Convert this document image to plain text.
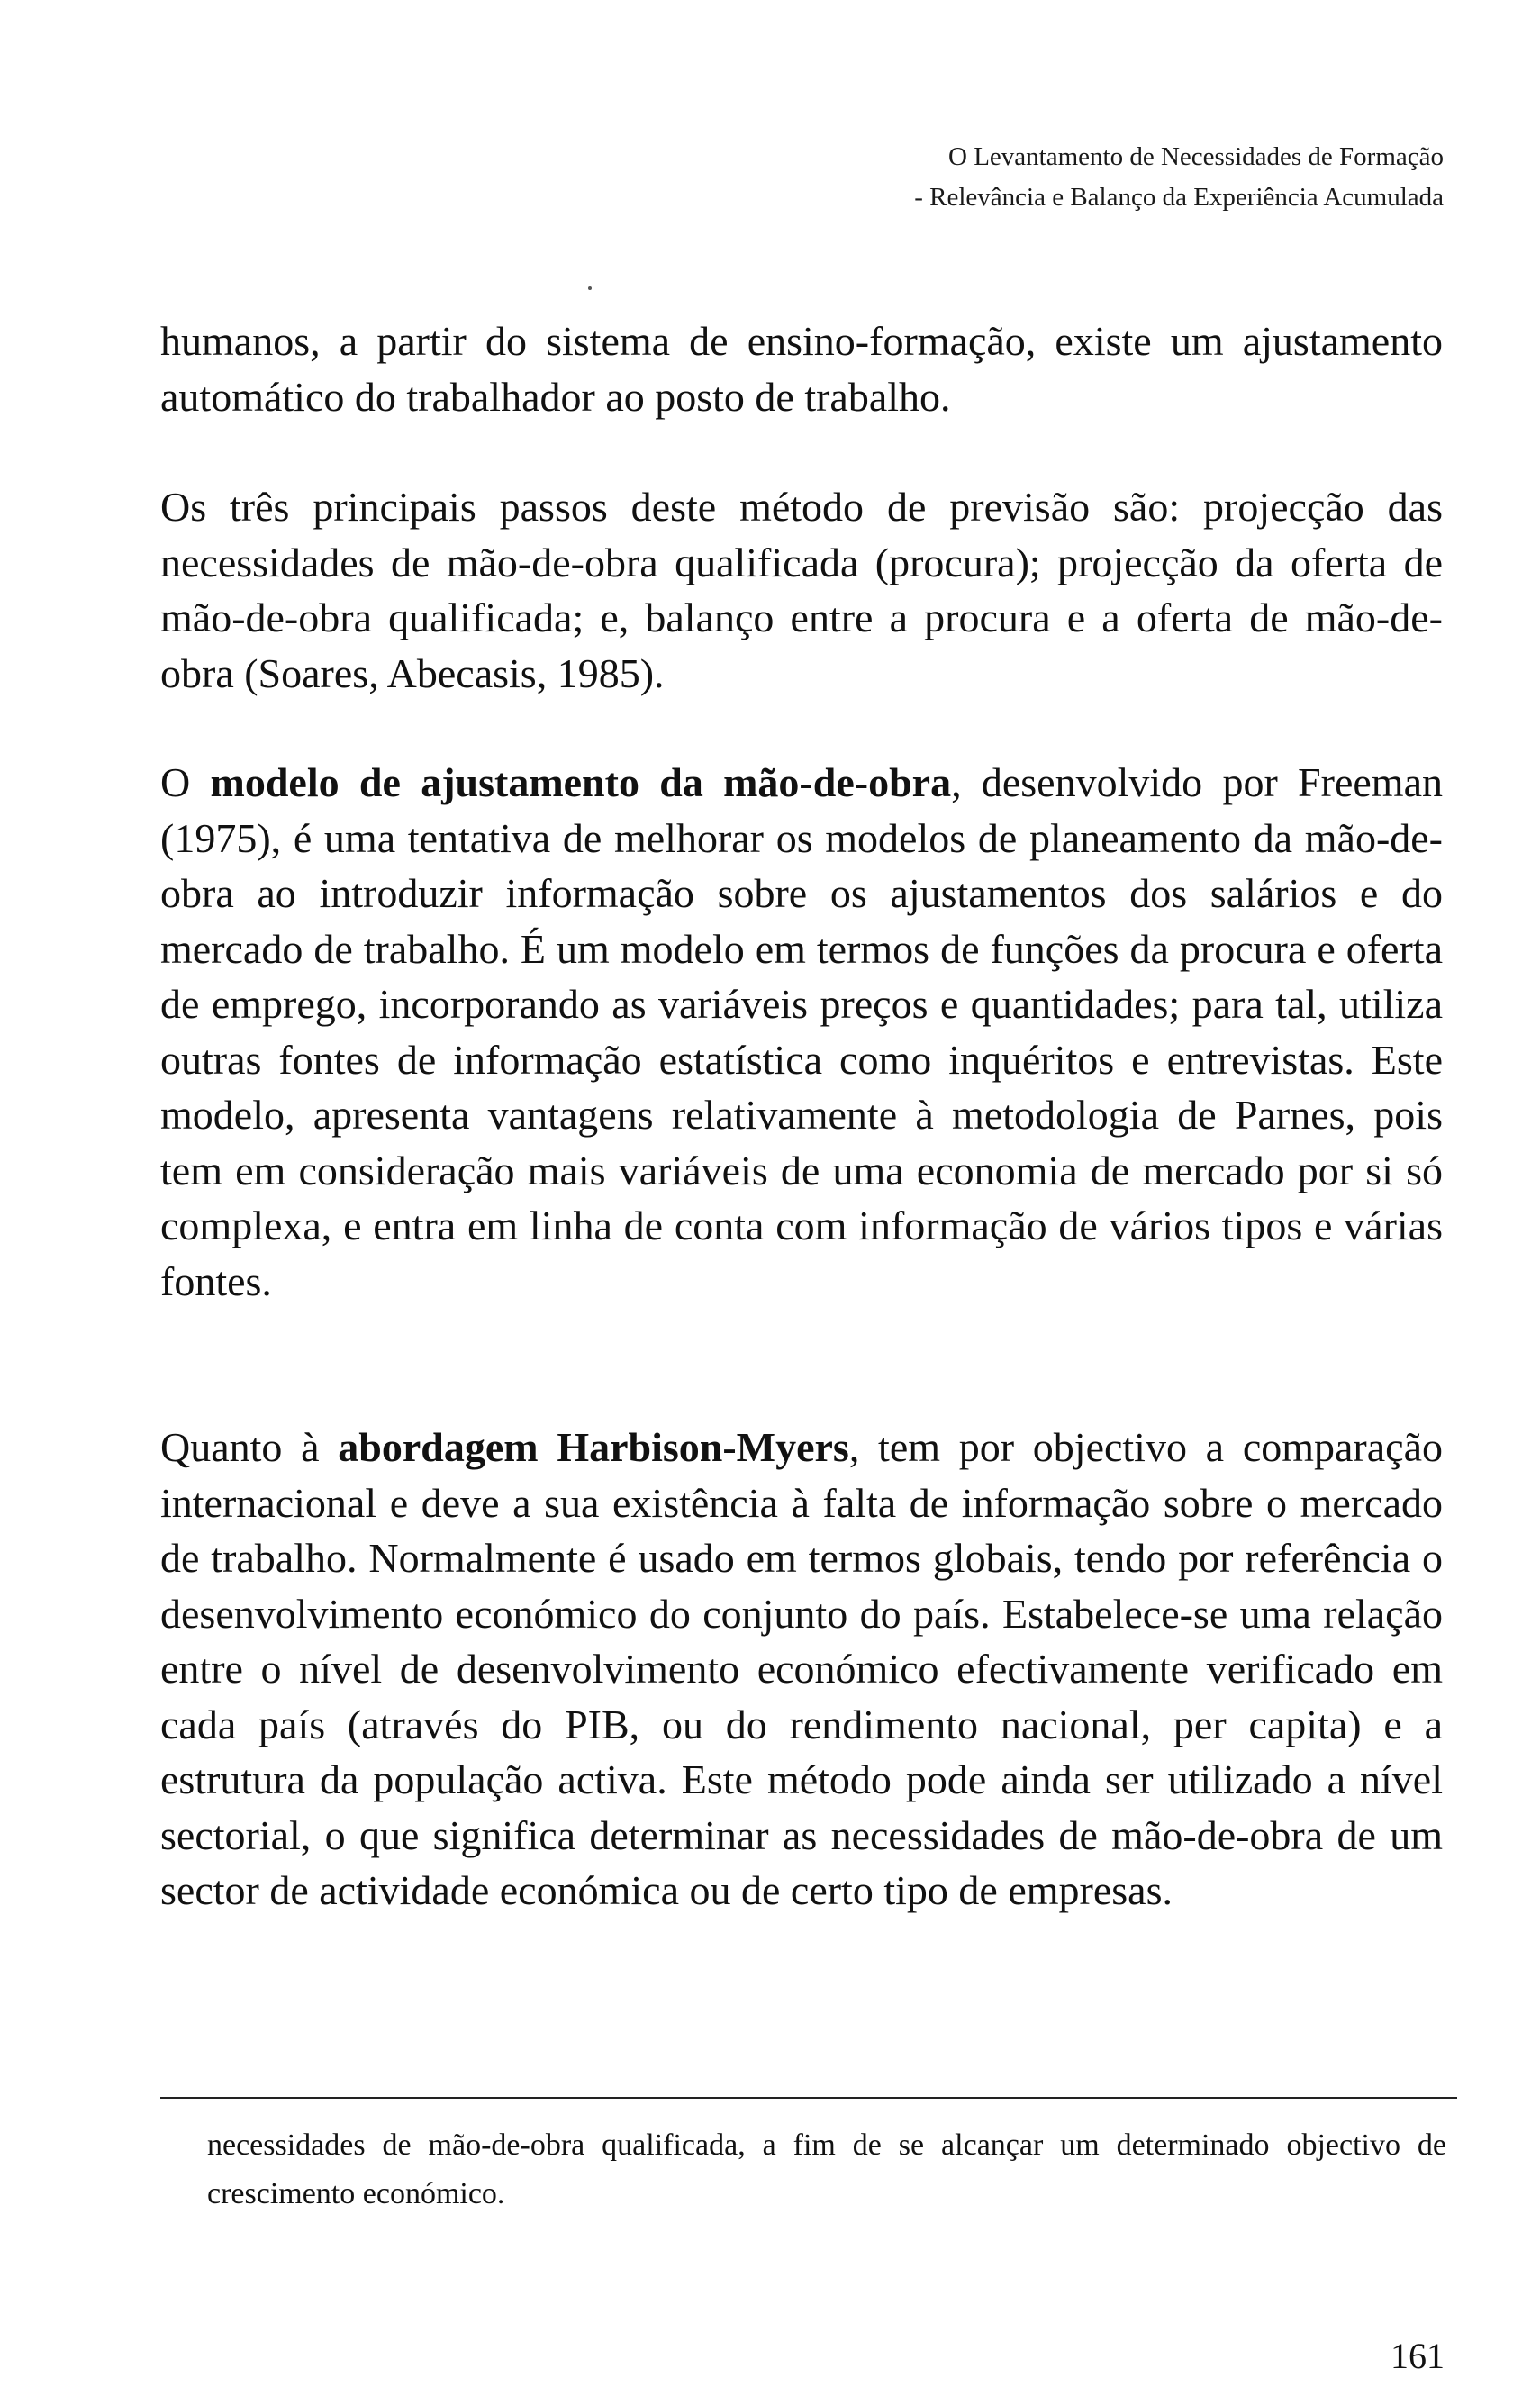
O Levantamento de Necessidades de Formação
- Relevância e Balanço da Experiência Acumulada

humanos, a partir do sistema de ensino-formação, existe um ajustamento automático do trabalhador ao posto de trabalho.

Os três principais passos deste método de previsão são: projecção das necessidades de mão-de-obra qualificada (procura); projecção da oferta de mão-de-obra qualificada; e, balanço entre a procura e a oferta de mão-de-obra (Soares, Abecasis, 1985).

O modelo de ajustamento da mão-de-obra, desenvolvido por Freeman (1975), é uma tentativa de melhorar os modelos de planeamento da mão-de-obra ao introduzir informação sobre os ajustamentos dos salários e do mercado de trabalho. É um modelo em termos de funções da procura e oferta de emprego, incorporando as variáveis preços e quantidades; para tal, utiliza outras fontes de informação estatística como inquéritos e entrevistas. Este modelo, apresenta vantagens relativamente à metodologia de Parnes, pois tem em consideração mais variáveis de uma economia de mercado por si só complexa, e entra em linha de conta com informação de vários tipos e várias fontes.

Quanto à abordagem Harbison-Myers, tem por objectivo a comparação internacional e deve a sua existência à falta de informação sobre o mercado de trabalho. Normalmente é usado em termos globais, tendo por referência o desenvolvimento económico do conjunto do país. Estabelece-se uma relação entre o nível de desenvolvimento económico efectivamente verificado em cada país (através do PIB, ou do rendimento nacional, per capita) e a estrutura da população activa. Este método pode ainda ser utilizado a nível sectorial, o que significa determinar as necessidades de mão-de-obra de um sector de actividade económica ou de certo tipo de empresas.

necessidades de mão-de-obra qualificada, a fim de se alcançar um determinado objectivo de crescimento económico.

161
